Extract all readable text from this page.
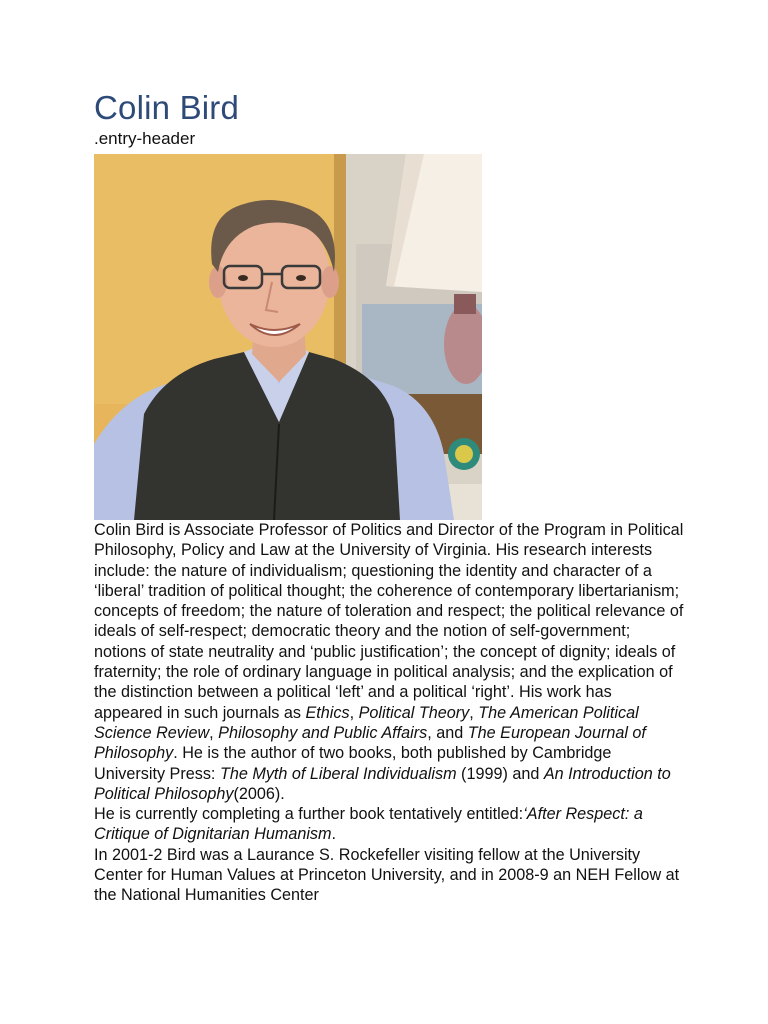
Colin Bird
.entry-header

Colin Bird is Associate Professor of Politics and Director of the Program in Political Philosophy, Policy and Law at the University of Virginia. His research interests include: the nature of individualism; questioning the identity and character of a ‘liberal’ tradition of political thought; the coherence of contemporary libertarianism; concepts of freedom; the nature of toleration and respect; the political relevance of ideals of self-respect; democratic theory and the notion of self-government; notions of state neutrality and ‘public justification’; the concept of dignity; ideals of fraternity; the role of ordinary language in political analysis; and the explication of the distinction between a political ‘left’ and a political ‘right’. His work has appeared in such journals as Ethics, Political Theory, The American Political Science Review, Philosophy and Public Affairs, and The European Journal of Philosophy. He is the author of two books, both published by Cambridge University Press: The Myth of Liberal Individualism (1999) and An Introduction to Political Philosophy(2006).
He is currently completing a further book tentatively entitled:‘After Respect: a Critique of Dignitarian Humanism.

In 2001-2 Bird was a Laurance S. Rockefeller visiting fellow at the University Center for Human Values at Princeton University, and in 2008-9 an NEH Fellow at the National Humanities Center
